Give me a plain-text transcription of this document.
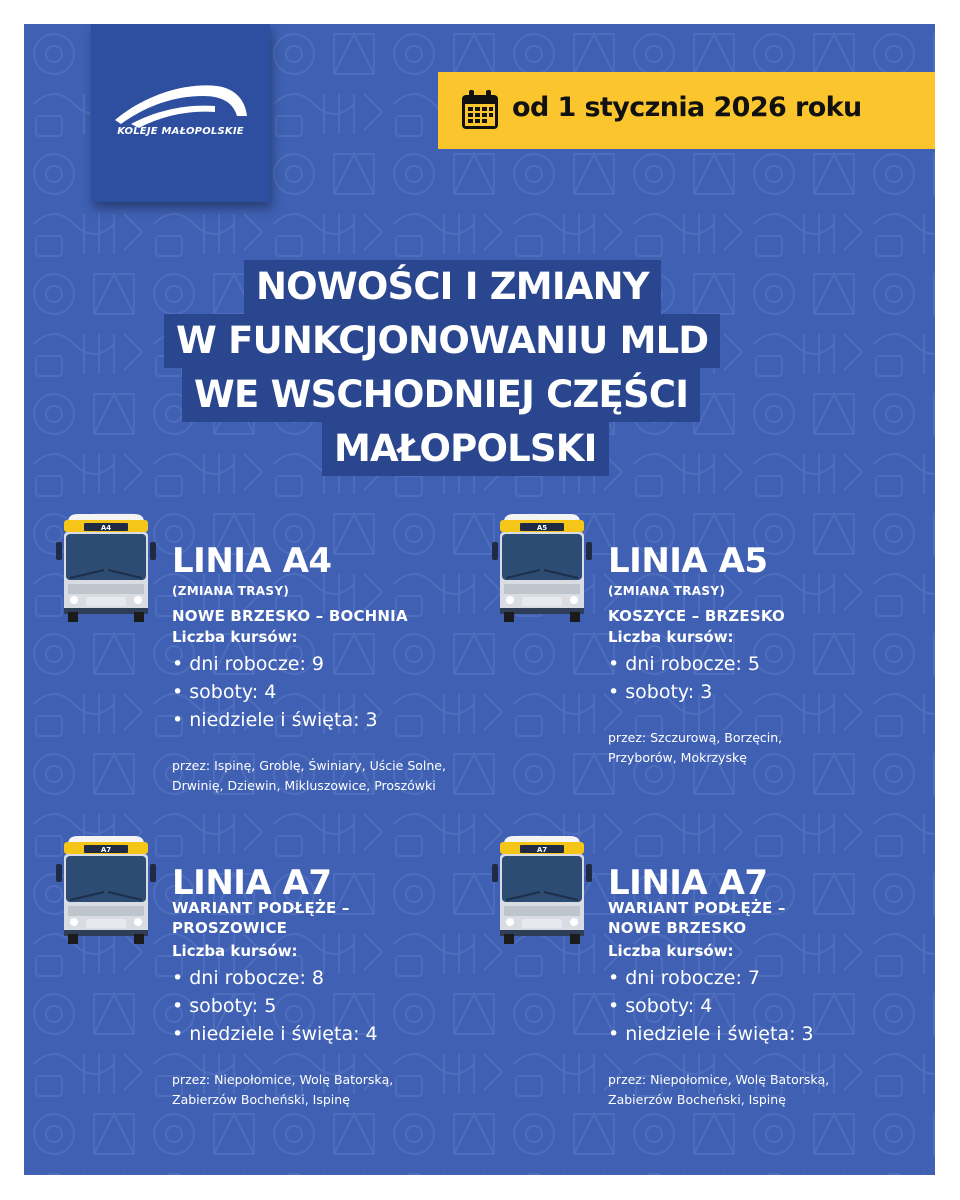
KOLEJE MAŁOPOLSKIE
od 1 stycznia 2026 roku
NOWOŚCI I ZMIANY
W FUNKCJONOWANIU MLD
WE WSCHODNIEJ CZĘŚCI
MAŁOPOLSKI
A4
LINIA A4
(ZMIANA TRASY)
NOWE BRZESKO – BOCHNIA
Liczba kursów:
• dni robocze: 9
• soboty: 4
• niedziele i święta: 3
przez: Ispinę, Groblę, Świniary, Uście Solne,
Drwinię, Dziewin, Mikluszowice, Proszówki
A5
LINIA A5
(ZMIANA TRASY)
KOSZYCE – BRZESKO
Liczba kursów:
• dni robocze: 5
• soboty: 3
przez: Szczurową, Borzęcin,
Przyborów, Mokrzyskę
A7
LINIA A7
WARIANT PODŁĘŻE –
PROSZOWICE
Liczba kursów:
• dni robocze: 8
• soboty: 5
• niedziele i święta: 4
przez: Niepołomice, Wolę Batorską,
Zabierzów Bocheński, Ispinę
A7
LINIA A7
WARIANT PODŁĘŻE –
NOWE BRZESKO
Liczba kursów:
• dni robocze: 7
• soboty: 4
• niedziele i święta: 3
przez: Niepołomice, Wolę Batorską,
Zabierzów Bocheński, Ispinę
